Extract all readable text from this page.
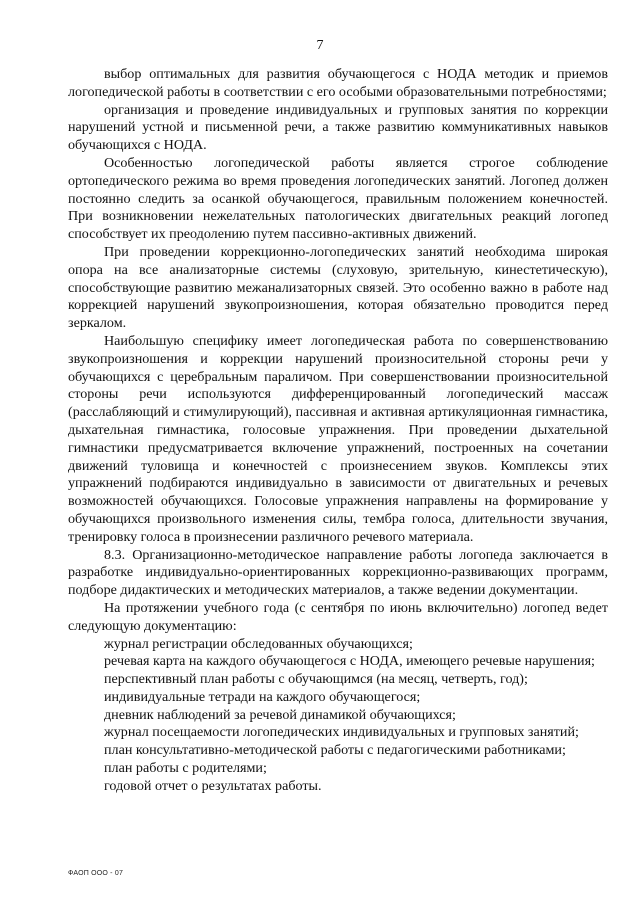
7

выбор оптимальных для развития обучающегося с НОДА методик и приемов логопедической работы в соответствии с его особыми образовательными потребностями;

организация и проведение индивидуальных и групповых занятия по коррекции нарушений устной и письменной речи, а также развитию коммуникативных навыков обучающихся с НОДА.

Особенностью логопедической работы является строгое соблюдение ортопедического режима во время проведения логопедических занятий. Логопед должен постоянно следить за осанкой обучающегося, правильным положением конечностей. При возникновении нежелательных патологических двигательных реакций логопед способствует их преодолению путем пассивно-активных движений.

При проведении коррекционно-логопедических занятий необходима широкая опора на все анализаторные системы (слуховую, зрительную, кинестетическую), способствующие развитию межанализаторных связей. Это особенно важно в работе над коррекцией нарушений звукопроизношения, которая обязательно проводится перед зеркалом.

Наибольшую специфику имеет логопедическая работа по совершенствованию звукопроизношения и коррекции нарушений произносительной стороны речи у обучающихся с церебральным параличом. При совершенствовании произносительной стороны речи используются дифференцированный логопедический массаж (расслабляющий и стимулирующий), пассивная и активная артикуляционная гимнастика, дыхательная гимнастика, голосовые упражнения. При проведении дыхательной гимнастики предусматривается включение упражнений, построенных на сочетании движений туловища и конечностей с произнесением звуков. Комплексы этих упражнений подбираются индивидуально в зависимости от двигательных и речевых возможностей обучающихся. Голосовые упражнения направлены на формирование у обучающихся произвольного изменения силы, тембра голоса, длительности звучания, тренировку голоса в произнесении различного речевого материала.

8.3. Организационно-методическое направление работы логопеда заключается в разработке индивидуально-ориентированных коррекционно-развивающих программ, подборе дидактических и методических материалов, а также ведении документации.

На протяжении учебного года (с сентября по июнь включительно) логопед ведет следующую документацию:

журнал регистрации обследованных обучающихся;

речевая карта на каждого обучающегося с НОДА, имеющего речевые нарушения;

перспективный план работы с обучающимся (на месяц, четверть, год);

индивидуальные тетради на каждого обучающегося;

дневник наблюдений за речевой динамикой обучающихся;

журнал посещаемости логопедических индивидуальных и групповых занятий;

план консультативно-методической работы с педагогическими работниками;

план работы с родителями;

годовой отчет о результатах работы.

ФАОП ООО - 07
